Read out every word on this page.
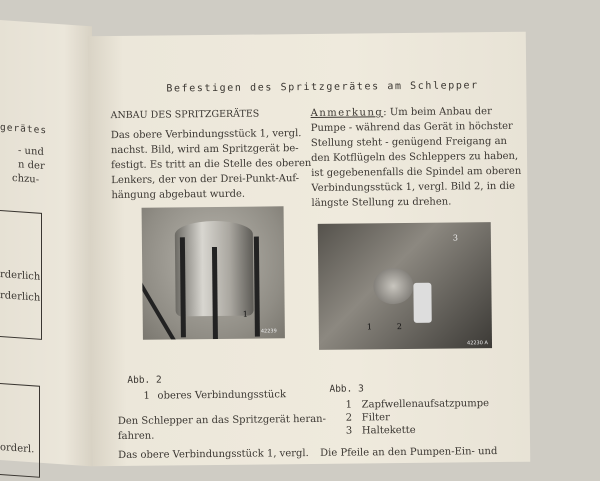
gerätes
- und
n der
chzu-
rderlich
rderlich
orderl.
Befestigen des Spritzgerätes am Schlepper
ANBAU DES SPRITZGERÄTES
Das obere Verbindungsstück 1, vergl.
nachst. Bild, wird am Spritzgerät be-
festigt. Es tritt an die Stelle des oberen
Lenkers, der von der Drei-Punkt-Auf-
hängung abgebaut wurde.
1
42239
Abb. 2
1 oberes Verbindungsstück
Den Schlepper an das Spritzgerät heran-
fahren.
Das obere Verbindungsstück 1, vergl.
Anmerkung: Um beim Anbau der
Pumpe - während das Gerät in höchster
Stellung steht - genügend Freigang an
den Kotflügeln des Schleppers zu haben,
ist gegebenenfalls die Spindel am oberen
Verbindungsstück 1, vergl. Bild 2, in die
längste Stellung zu drehen.
1	2
3
42230 A
Abb. 3
1 Zapfwellenaufsatzpumpe
2 Filter
3 Haltekette
Die Pfeile an den Pumpen-Ein- und
